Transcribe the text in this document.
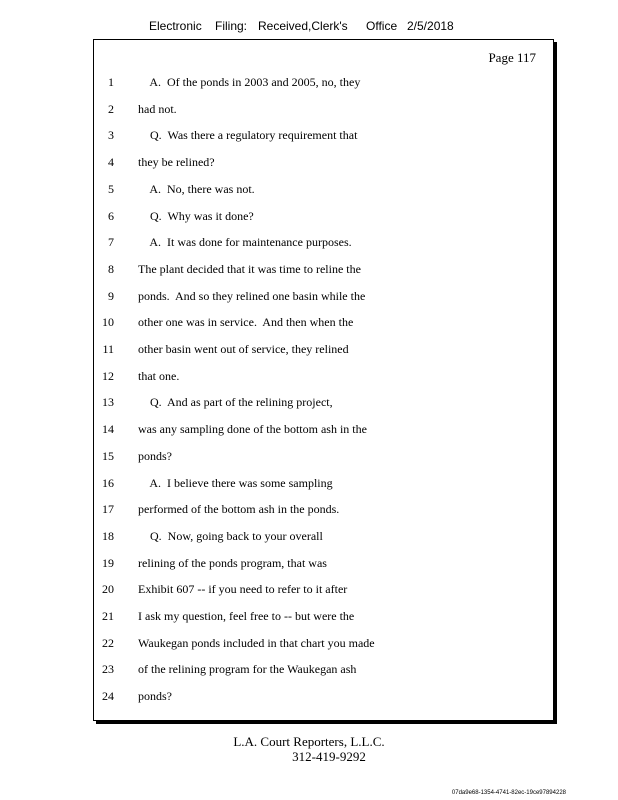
Electronic Filing: Received,Clerk's Office 2/5/2018
Page 117
1 A.  Of the ponds in 2003 and 2005, no, they
2 had not.
3 Q.  Was there a regulatory requirement that
4 they be relined?
5 A.  No, there was not.
6 Q.  Why was it done?
7 A.  It was done for maintenance purposes.
8 The plant decided that it was time to reline the
9 ponds.  And so they relined one basin while the
10 other one was in service.  And then when the
11 other basin went out of service, they relined
12 that one.
13 Q.  And as part of the relining project,
14 was any sampling done of the bottom ash in the
15 ponds?
16 A.  I believe there was some sampling
17 performed of the bottom ash in the ponds.
18 Q.  Now, going back to your overall
19 relining of the ponds program, that was
20 Exhibit 607 -- if you need to refer to it after
21 I ask my question, feel free to -- but were the
22 Waukegan ponds included in that chart you made
23 of the relining program for the Waukegan ash
24 ponds?
L.A. Court Reporters, L.L.C.
312-419-9292
07da9e68-1354-4741-82ec-19ce97894228
